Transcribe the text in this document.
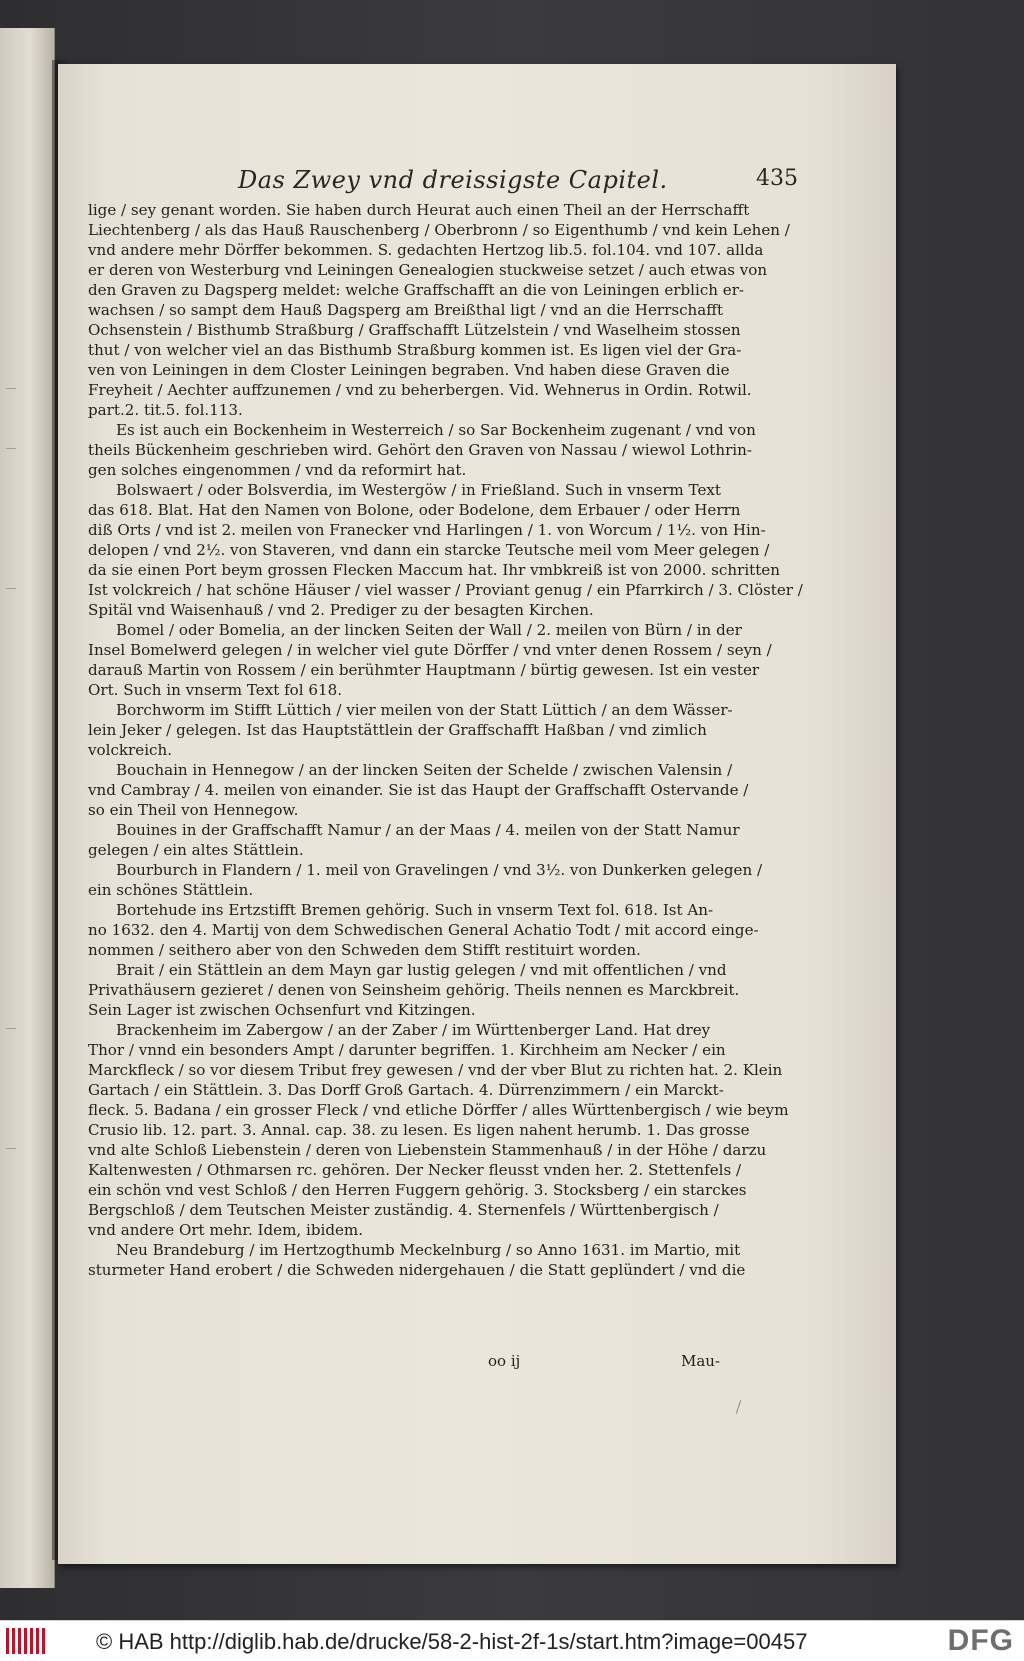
Das Zwey vnd dreissigste Capitel.	435
lige / sey genant worden. Sie haben durch Heurat auch einen Theil an der Herrschafft
Liechtenberg / als das Hauß Rauschenberg / Oberbronn / so Eigenthumb / vnd kein Lehen /
vnd andere mehr Dörffer bekommen. S. gedachten Hertzog lib.5. fol.104. vnd 107. allda
er deren von Westerburg vnd Leiningen Genealogien stuckweise setzet / auch etwas von
den Graven zu Dagsperg meldet: welche Graffschafft an die von Leiningen erblich er-
wachsen / so sampt dem Hauß Dagsperg am Breißthal ligt / vnd an die Herrschafft
Ochsenstein / Bisthumb Straßburg / Graffschafft Lützelstein / vnd Waselheim stossen
thut / von welcher viel an das Bisthumb Straßburg kommen ist. Es ligen viel der Gra-
ven von Leiningen in dem Closter Leiningen begraben. Vnd haben diese Graven die
Freyheit / Aechter auffzunemen / vnd zu beherbergen. Vid. Wehnerus in Ordin. Rotwil.
part.2. tit.5. fol.113.
Es ist auch ein Bockenheim in Westerreich / so Sar Bockenheim zugenant / vnd von
theils Bückenheim geschrieben wird. Gehört den Graven von Nassau / wiewol Lothrin-
gen solches eingenommen / vnd da reformirt hat.
Bolswaert / oder Bolsverdia, im Westergöw / in Frießland. Such in vnserm Text
das 618. Blat. Hat den Namen von Bolone, oder Bodelone, dem Erbauer / oder Herrn
diß Orts / vnd ist 2. meilen von Franecker vnd Harlingen / 1. von Worcum / 1½. von Hin-
delopen / vnd 2½. von Staveren, vnd dann ein starcke Teutsche meil vom Meer gelegen /
da sie einen Port beym grossen Flecken Maccum hat. Ihr vmbkreiß ist von 2000. schritten
Ist volckreich / hat schöne Häuser / viel wasser / Proviant genug / ein Pfarrkirch / 3. Clöster /
Spitäl vnd Waisenhauß / vnd 2. Prediger zu der besagten Kirchen.
Bomel / oder Bomelia, an der lincken Seiten der Wall / 2. meilen von Bürn / in der
Insel Bomelwerd gelegen / in welcher viel gute Dörffer / vnd vnter denen Rossem / seyn /
darauß Martin von Rossem / ein berühmter Hauptmann / bürtig gewesen. Ist ein vester
Ort. Such in vnserm Text fol 618.
Borchworm im Stifft Lüttich / vier meilen von der Statt Lüttich / an dem Wässer-
lein Jeker / gelegen. Ist das Hauptstättlein der Graffschafft Haßban / vnd zimlich
volckreich.
Bouchain in Hennegow / an der lincken Seiten der Schelde / zwischen Valensin /
vnd Cambray / 4. meilen von einander. Sie ist das Haupt der Graffschafft Ostervande /
so ein Theil von Hennegow.
Bouines in der Graffschafft Namur / an der Maas / 4. meilen von der Statt Namur
gelegen / ein altes Stättlein.
Bourburch in Flandern / 1. meil von Gravelingen / vnd 3½. von Dunkerken gelegen /
ein schönes Stättlein.
Bortehude ins Ertzstifft Bremen gehörig. Such in vnserm Text fol. 618. Ist An-
no 1632. den 4. Martij von dem Schwedischen General Achatio Todt / mit accord einge-
nommen / seithero aber von den Schweden dem Stifft restituirt worden.
Brait / ein Stättlein an dem Mayn gar lustig gelegen / vnd mit offentlichen / vnd
Privathäusern gezieret / denen von Seinsheim gehörig. Theils nennen es Marckbreit.
Sein Lager ist zwischen Ochsenfurt vnd Kitzingen.
Brackenheim im Zabergow / an der Zaber / im Württenberger Land. Hat drey
Thor / vnnd ein besonders Ampt / darunter begriffen. 1. Kirchheim am Necker / ein
Marckfleck / so vor diesem Tribut frey gewesen / vnd der vber Blut zu richten hat. 2. Klein
Gartach / ein Stättlein. 3. Das Dorff Groß Gartach. 4. Dürrenzimmern / ein Marckt-
fleck. 5. Badana / ein grosser Fleck / vnd etliche Dörffer / alles Württenbergisch / wie beym
Crusio lib. 12. part. 3. Annal. cap. 38. zu lesen. Es ligen nahent herumb. 1. Das grosse
vnd alte Schloß Liebenstein / deren von Liebenstein Stammenhauß / in der Höhe / darzu
Kaltenwesten / Othmarsen rc. gehören. Der Necker fleusst vnden her. 2. Stettenfels /
ein schön vnd vest Schloß / den Herren Fuggern gehörig. 3. Stocksberg / ein starckes
Bergschloß / dem Teutschen Meister zuständig. 4. Sternenfels / Württenbergisch /
vnd andere Ort mehr. Idem, ibidem.
Neu Brandeburg / im Hertzogthumb Meckelnburg / so Anno 1631. im Martio, mit
sturmeter Hand erobert / die Schweden nidergehauen / die Statt geplündert / vnd die
oo ij	Mau-
© HAB http://diglib.hab.de/drucke/58-2-hist-2f-1s/start.htm?image=00457	DFG
